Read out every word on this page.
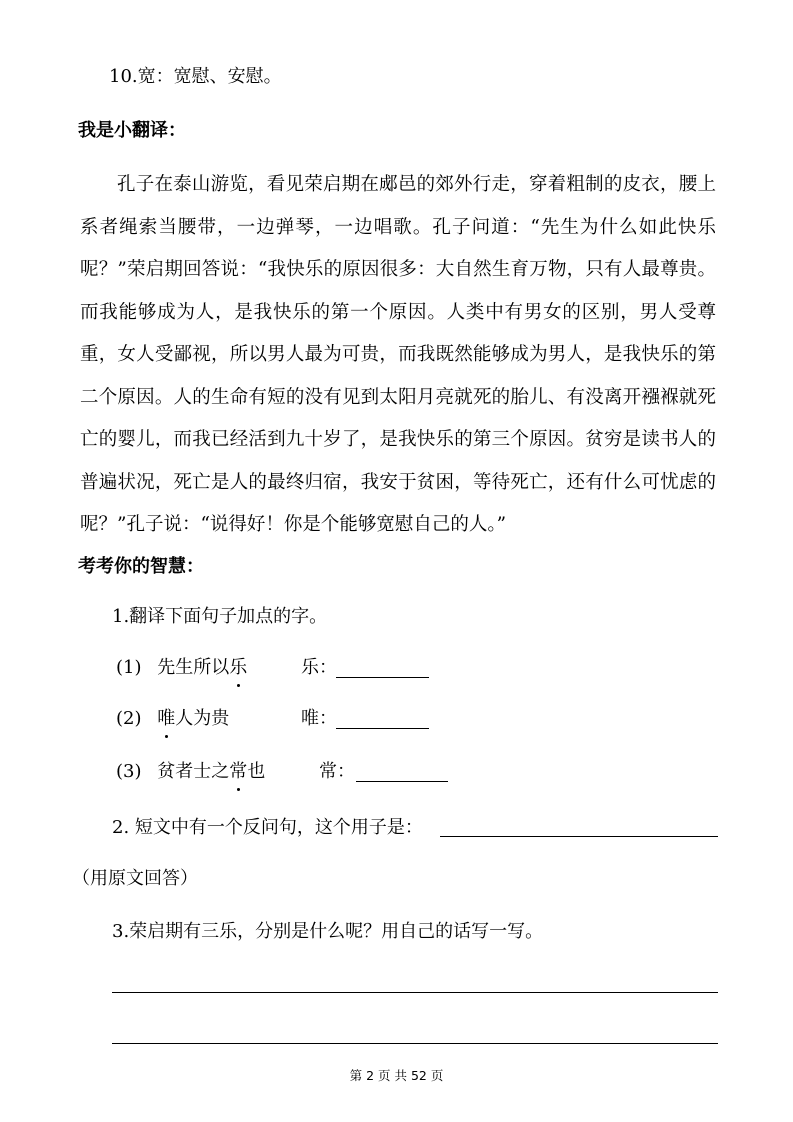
10.宽：宽慰、安慰。
我是小翻译：
孔子在泰山游览，看见荣启期在郕邑的郊外行走，穿着粗制的皮衣，腰上系者绳索当腰带，一边弹琴，一边唱歌。孔子问道：“先生为什么如此快乐呢？”荣启期回答说：“我快乐的原因很多：大自然生育万物，只有人最尊贵。而我能够成为人，是我快乐的第一个原因。人类中有男女的区别，男人受尊重，女人受鄙视，所以男人最为可贵，而我既然能够成为男人，是我快乐的第二个原因。人的生命有短的没有见到太阳月亮就死的胎儿、有没离开襁褓就死亡的婴儿，而我已经活到九十岁了，是我快乐的第三个原因。贫穷是读书人的普遍状况，死亡是人的最终归宿，我安于贫困，等待死亡，还有什么可忧虑的呢？”孔子说：“说得好！你是个能够宽慰自己的人。”
考考你的智慧：
1.翻译下面句子加点的字。
(1) 先生所以乐	乐：
(2) 唯人为贵	唯：
(3) 贫者士之常也	常：
2. 短文中有一个反问句，这个用子是：
（用原文回答）
3.荣启期有三乐，分别是什么呢？用自己的话写一写。
第 2 页 共 52 页
